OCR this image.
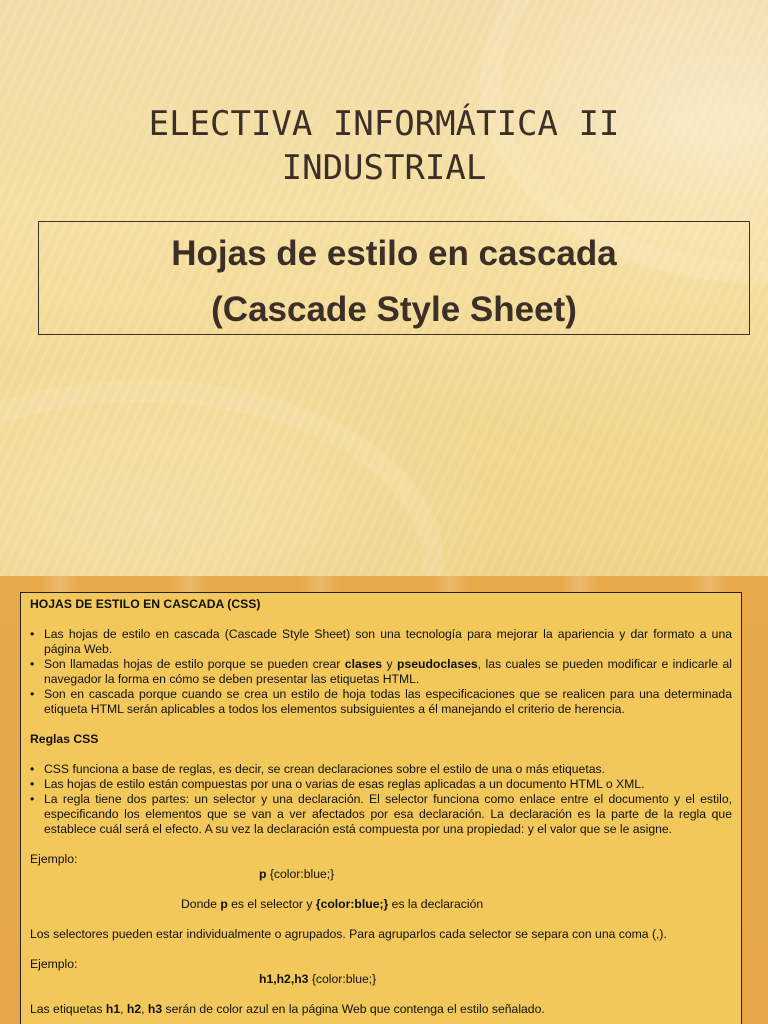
ELECTIVA INFORMÁTICA II
INDUSTRIAL
Hojas de estilo en cascada
(Cascade Style Sheet)

HOJAS DE ESTILO EN CASCADA (CSS)

• Las hojas de estilo en cascada (Cascade Style Sheet) son una tecnología para mejorar la apariencia y dar formato a una página Web.
• Son llamadas hojas de estilo porque se pueden crear clases y pseudoclases, las cuales se pueden modificar e indicarle al navegador la forma en cómo se deben presentar las etiquetas HTML.
• Son en cascada porque cuando se crea un estilo de hoja todas las especificaciones que se realicen para una determinada etiqueta HTML serán aplicables a todos los elementos subsiguientes a él manejando el criterio de herencia.

Reglas CSS

• CSS funciona a base de reglas, es decir, se crean declaraciones sobre el estilo de una o más etiquetas.
• Las hojas de estilo están compuestas por una o varias de esas reglas aplicadas a un documento HTML o XML.
• La regla tiene dos partes: un selector y una declaración. El selector funciona como enlace entre el documento y el estilo, especificando los elementos que se van a ver afectados por esa declaración. La declaración es la parte de la regla que establece cuál será el efecto. A su vez la declaración está compuesta por una propiedad: y el valor que se le asigne.

Ejemplo:

p {color:blue;}

Donde p es el selector y {color:blue;} es la declaración

Los selectores pueden estar individualmente o agrupados. Para agruparlos cada selector se separa con una coma (,).

Ejemplo:

h1,h2,h3 {color:blue;}

Las etiquetas h1, h2, h3 serán de color azul en la página Web que contenga el estilo señalado.
